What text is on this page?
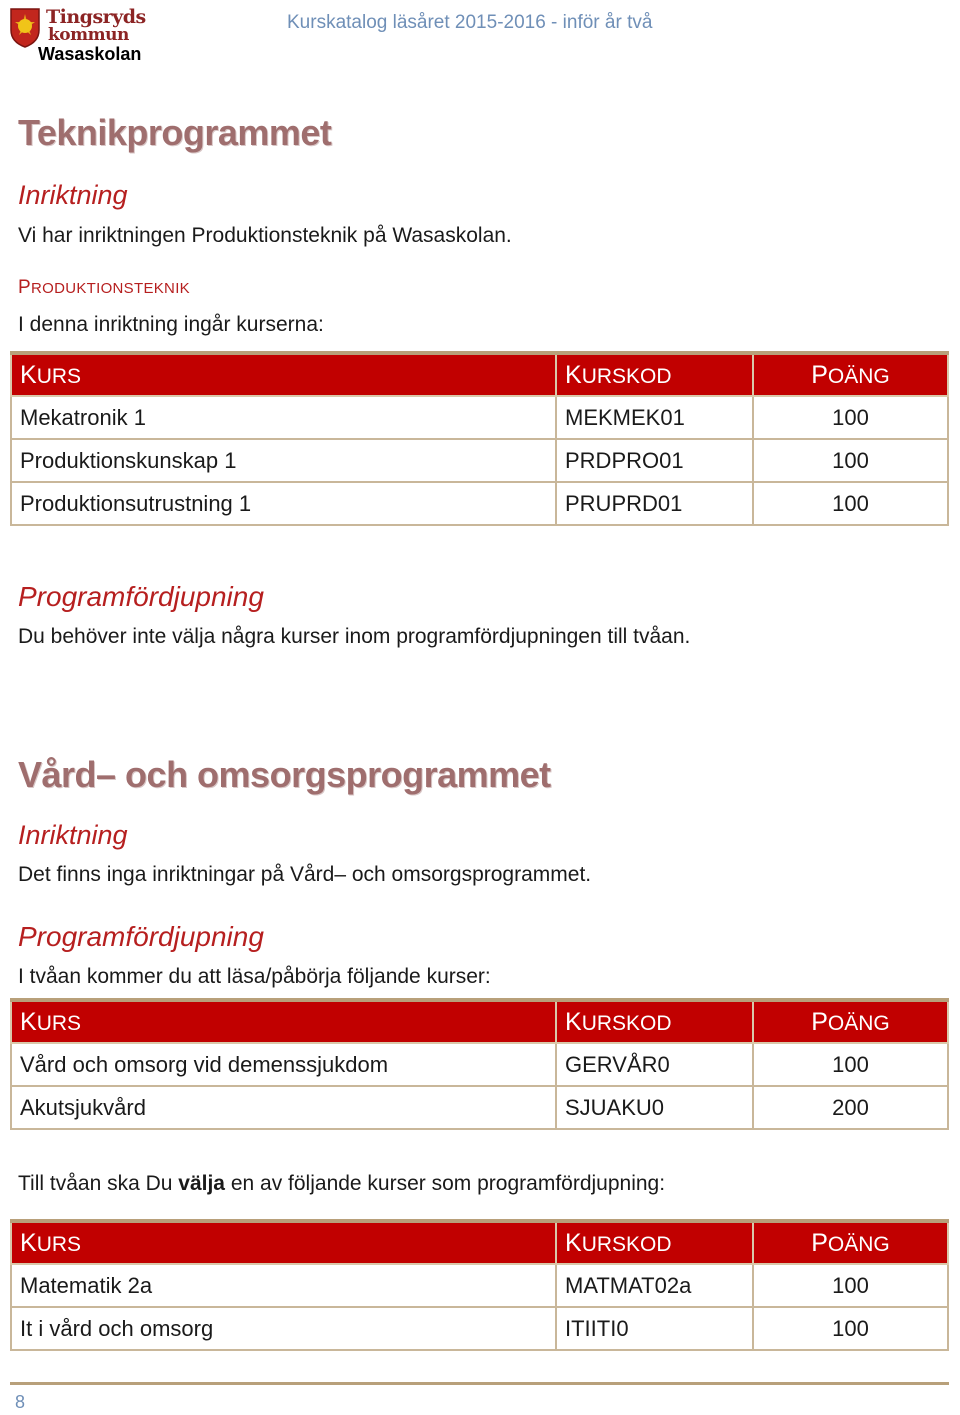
Tingsryds
kommun
Wasaskolan
Kurskatalog läsåret 2015-2016 - inför år två
Teknikprogrammet
Inriktning
Vi har inriktningen Produktionsteknik på Wasaskolan.
PRODUKTIONSTEKNIK
I denna inriktning ingår kurserna:
KURS	KURSKOD	POÄNG
Mekatronik 1	MEKMEK01	100
Produktionskunskap 1	PRDPRO01	100
Produktionsutrustning 1	PRUPRD01	100
Programfördjupning
Du behöver inte välja några kurser inom programfördjupningen till tvåan.
Vård– och omsorgsprogrammet
Inriktning
Det finns inga inriktningar på Vård– och omsorgsprogrammet.
Programfördjupning
I tvåan kommer du att läsa/påbörja följande kurser:
KURS	KURSKOD	POÄNG
Vård och omsorg vid demenssjukdom	GERVÅR0	100
Akutsjukvård	SJUAKU0	200
Till tvåan ska Du välja en av följande kurser som programfördjupning:
KURS	KURSKOD	POÄNG
Matematik 2a	MATMAT02a	100
It i vård och omsorg	ITIITI0	100
8
